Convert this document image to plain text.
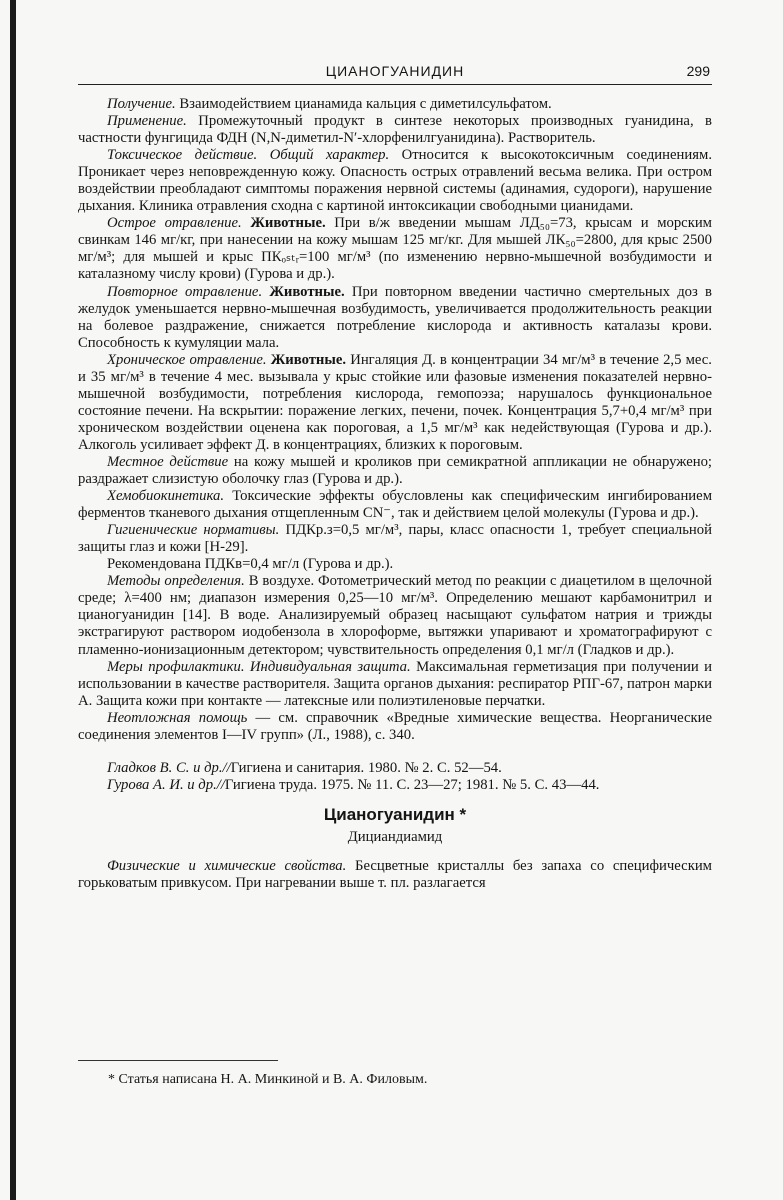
ЦИАНОГУАНИДИН	299

Получение. Взаимодействием цианамида кальция с диметилсульфатом.

Применение. Промежуточный продукт в синтезе некоторых производных гуанидина, в частности фунгицида ФДН (N,N-диметил-N′-хлорфенилгуанидина). Растворитель.

Токсическое действие. Общий характер. Относится к высокотоксичным соединениям. Проникает через неповрежденную кожу. Опасность острых отравлений весьма велика. При остром воздействии преобладают симптомы поражения нервной системы (адинамия, судороги), нарушение дыхания. Клиника отравления сходна с картиной интоксикации свободными цианидами.

Острое отравление. Животные. При в/ж введении мышам ЛД₅₀=73, крысам и морским свинкам 146 мг/кг, при нанесении на кожу мышам 125 мг/кг. Для мышей ЛК₅₀=2800, для крыс 2500 мг/м³; для мышей и крыс ПКₒₛₜᵣ=100 мг/м³ (по изменению нервно-мышечной возбудимости и каталазному числу крови) (Гурова и др.).

Повторное отравление. Животные. При повторном введении частично смертельных доз в желудок уменьшается нервно-мышечная возбудимость, увеличивается продолжительность реакции на болевое раздражение, снижается потребление кислорода и активность каталазы крови. Способность к кумуляции мала.

Хроническое отравление. Животные. Ингаляция Д. в концентрации 34 мг/м³ в течение 2,5 мес. и 35 мг/м³ в течение 4 мес. вызывала у крыс стойкие или фазовые изменения показателей нервно-мышечной возбудимости, потребления кислорода, гемопоэза; нарушалось функциональное состояние печени. На вскрытии: поражение легких, печени, почек. Концентрация 5,7+0,4 мг/м³ при хроническом воздействии оценена как пороговая, а 1,5 мг/м³ как недействующая (Гурова и др.). Алкоголь усиливает эффект Д. в концентрациях, близких к пороговым.

Местное действие на кожу мышей и кроликов при семикратной аппликации не обнаружено; раздражает слизистую оболочку глаз (Гурова и др.).

Хемобиокинетика. Токсические эффекты обусловлены как специфическим ингибированием ферментов тканевого дыхания отщепленным CN⁻, так и действием целой молекулы (Гурова и др.).

Гигиенические нормативы. ПДКр.з=0,5 мг/м³, пары, класс опасности 1, требует специальной защиты глаз и кожи [Н-29].

Рекомендована ПДКв=0,4 мг/л (Гурова и др.).

Методы определения. В воздухе. Фотометрический метод по реакции с диацетилом в щелочной среде; λ=400 нм; диапазон измерения 0,25—10 мг/м³. Определению мешают карбамонитрил и цианогуанидин [14]. В воде. Анализируемый образец насыщают сульфатом натрия и трижды экстрагируют раствором иодобензола в хлороформе, вытяжки упаривают и хроматографируют с пламенно-ионизационным детектором; чувствительность определения 0,1 мг/л (Гладков и др.).

Меры профилактики. Индивидуальная защита. Максимальная герметизация при получении и использовании в качестве растворителя. Защита органов дыхания: респиратор РПГ-67, патрон марки А. Защита кожи при контакте — латексные или полиэтиленовые перчатки.

Неотложная помощь — см. справочник «Вредные химические вещества. Неорганические соединения элементов I—IV групп» (Л., 1988), с. 340.

Гладков В. С. и др.//Гигиена и санитария. 1980. № 2. С. 52—54.

Гурова А. И. и др.//Гигиена труда. 1975. № 11. С. 23—27; 1981. № 5. С. 43—44.

Цианогуанидин *

Дициандиамид

Физические и химические свойства. Бесцветные кристаллы без запаха со специфическим горьковатым привкусом. При нагревании выше т. пл. разлагается

* Статья написана Н. А. Минкиной и В. А. Филовым.
